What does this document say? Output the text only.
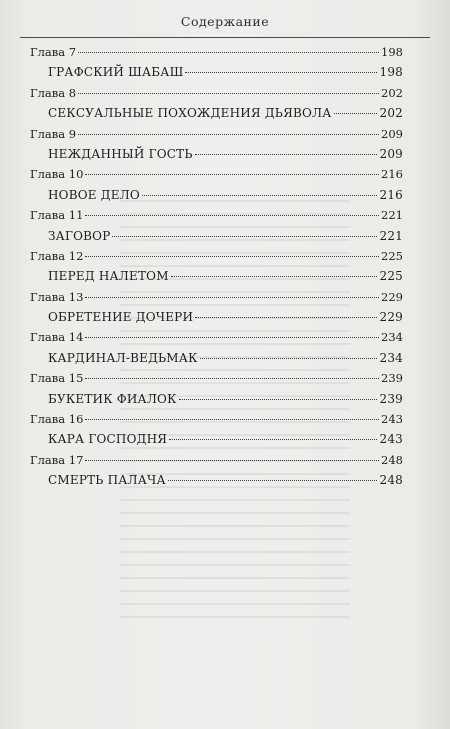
Содержание
Глава 7	198
ГРАФСКИЙ ШАБАШ	198
Глава 8	202
СЕКСУАЛЬНЫЕ ПОХОЖДЕНИЯ ДЬЯВОЛА	202
Глава 9	209
НЕЖДАННЫЙ ГОСТЬ	209
Глава 10	216
НОВОЕ ДЕЛО	216
Глава 11	221
ЗАГОВОР	221
Глава 12	225
ПЕРЕД НАЛЕТОМ	225
Глава 13	229
ОБРЕТЕНИЕ ДОЧЕРИ	229
Глава 14	234
КАРДИНАЛ-ВЕДЬМАК	234
Глава 15	239
БУКЕТИК ФИАЛОК	239
Глава 16	243
КАРА ГОСПОДНЯ	243
Глава 17	248
СМЕРТЬ ПАЛАЧА	248
